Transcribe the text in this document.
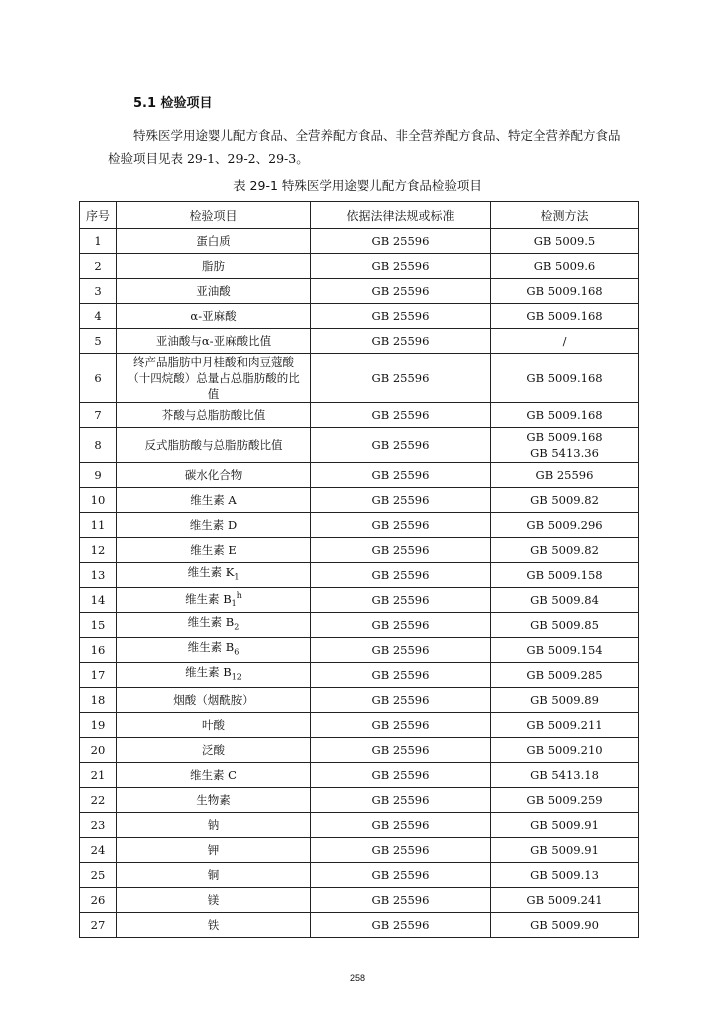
5.1 检验项目
特殊医学用途婴儿配方食品、全营养配方食品、非全营养配方食品、特定全营养配方食品检验项目见表 29-1、29-2、29-3。
表 29-1 特殊医学用途婴儿配方食品检验项目
序号	检验项目	依据法律法规或标准	检测方法
1	蛋白质	GB 25596	GB 5009.5
2	脂肪	GB 25596	GB 5009.6
3	亚油酸	GB 25596	GB 5009.168
4	α-亚麻酸	GB 25596	GB 5009.168
5	亚油酸与α-亚麻酸比值	GB 25596	/
6	终产品脂肪中月桂酸和肉豆蔻酸（十四烷酸）总量占总脂肪酸的比值	GB 25596	GB 5009.168
7	芥酸与总脂肪酸比值	GB 25596	GB 5009.168
8	反式脂肪酸与总脂肪酸比值	GB 25596	GB 5009.168
GB 5413.36
9	碳水化合物	GB 25596	GB 25596
10	维生素 A	GB 25596	GB 5009.82
11	维生素 D	GB 25596	GB 5009.296
12	维生素 E	GB 25596	GB 5009.82
13	维生素 $K_1$	GB 25596	GB 5009.158
14	维生素 $B_1^h$	GB 25596	GB 5009.84
15	维生素 $B_2$	GB 25596	GB 5009.85
16	维生素 $B_6$	GB 25596	GB 5009.154
17	维生素 $B_{12}$	GB 25596	GB 5009.285
18	烟酸（烟酰胺）	GB 25596	GB 5009.89
19	叶酸	GB 25596	GB 5009.211
20	泛酸	GB 25596	GB 5009.210
21	维生素 C	GB 25596	GB 5413.18
22	生物素	GB 25596	GB 5009.259
23	钠	GB 25596	GB 5009.91
24	钾	GB 25596	GB 5009.91
25	铜	GB 25596	GB 5009.13
26	镁	GB 25596	GB 5009.241
27	铁	GB 25596	GB 5009.90
258
